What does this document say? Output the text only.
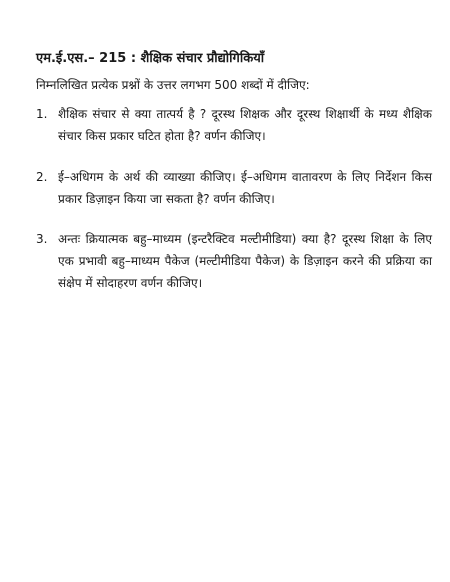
एम.ई.एस.– 215 : शैक्षिक संचार प्रौद्योगिकियाँ
निम्नलिखित प्रत्येक प्रश्नों के उत्तर लगभग 500 शब्दों में दीजिए:
1. शैक्षिक संचार से क्या तात्पर्य है ? दूरस्थ शिक्षक और दूरस्थ शिक्षार्थी के मध्य शैक्षिक संचार किस प्रकार घटित होता है? वर्णन कीजिए।
2. ई–अधिगम के अर्थ की व्याख्या कीजिए। ई–अधिगम वातावरण के लिए निर्देशन किस प्रकार डिज़ाइन किया जा सकता है? वर्णन कीजिए।
3. अन्तः क्रियात्मक बहु–माध्यम (इन्टरैक्टिव मल्टीमीडिया) क्या है? दूरस्थ शिक्षा के लिए एक प्रभावी बहु–माध्यम पैकेज (मल्टीमीडिया पैकेज) के डिज़ाइन करने की प्रक्रिया का संक्षेप में सोदाहरण वर्णन कीजिए।
